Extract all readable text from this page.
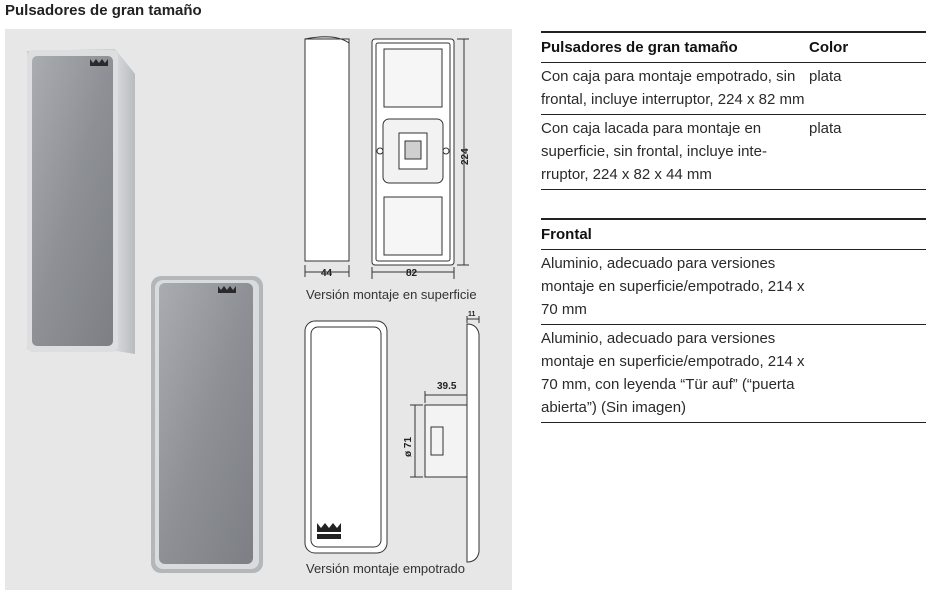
Pulsadores de gran tamaño
44	82
224
11
39.5
ø 71
Versión montaje en superficie
Versión montaje empotrado
Pulsadores de gran tamaño	Color
Con caja para montaje empotrado, sin frontal, incluye interruptor, 224 x 82 mm	plata
Con caja lacada para montaje en superficie, sin frontal, incluye inte-rruptor, 224 x 82 x 44 mm	plata
Frontal	
Aluminio, adecuado para versiones montaje en superficie/empotrado, 214 x 70 mm	
Aluminio, adecuado para versiones montaje en superficie/empotrado, 214 x 70 mm, con leyenda “Tür auf” (“puerta abierta”) (Sin imagen)	
